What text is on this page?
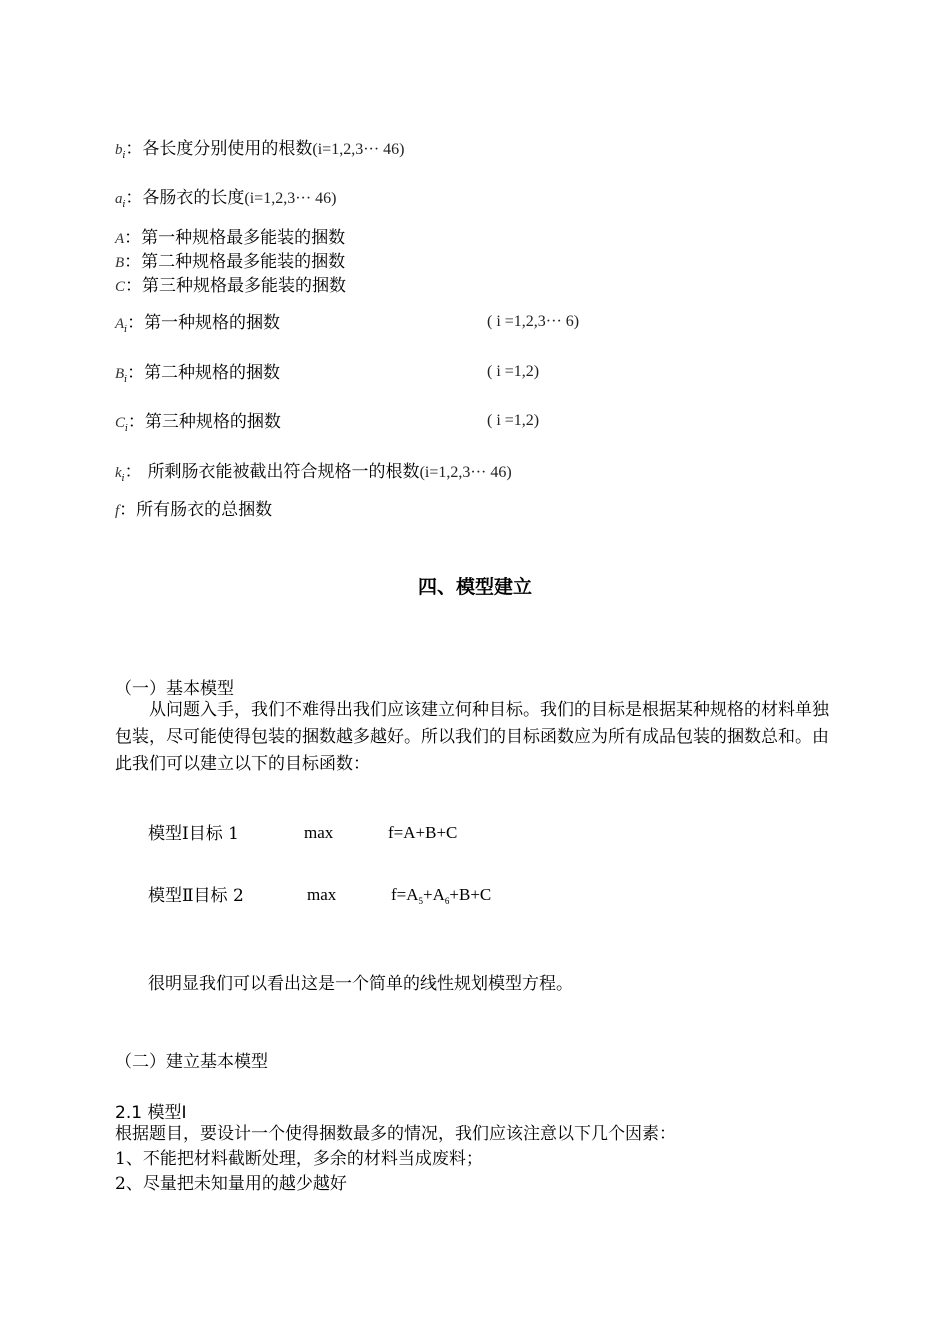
$b_i$：各长度分别使用的根数(i=1,2,3··· 46)
$a_i$：各肠衣的长度(i=1,2,3··· 46)
A：第一种规格最多能装的捆数
B：第二种规格最多能装的捆数
C：第三种规格最多能装的捆数
$A_i$：第一种规格的捆数	( i =1,2,3··· 6)
$B_i$：第二种规格的捆数	( i =1,2)
$C_i$：第三种规格的捆数	( i =1,2)
$k_i$： 所剩肠衣能被截出符合规格一的根数(i=1,2,3··· 46)
f：所有肠衣的总捆数
四、模型建立
（一）基本模型
从问题入手，我们不难得出我们应该建立何种目标。我们的目标是根据某种规格的材料单独包装，尽可能使得包装的捆数越多越好。所以我们的目标函数应为所有成品包装的捆数总和。由此我们可以建立以下的目标函数：
模型Ⅰ目标 1	max	f=A+B+C
模型Ⅱ目标 2	max	$f=A_5+A_6+B+C$
很明显我们可以看出这是一个简单的线性规划模型方程。
（二）建立基本模型
2.1 模型Ⅰ
根据题目，要设计一个使得捆数最多的情况，我们应该注意以下几个因素：
1、不能把材料截断处理，多余的材料当成废料；
2、尽量把未知量用的越少越好
